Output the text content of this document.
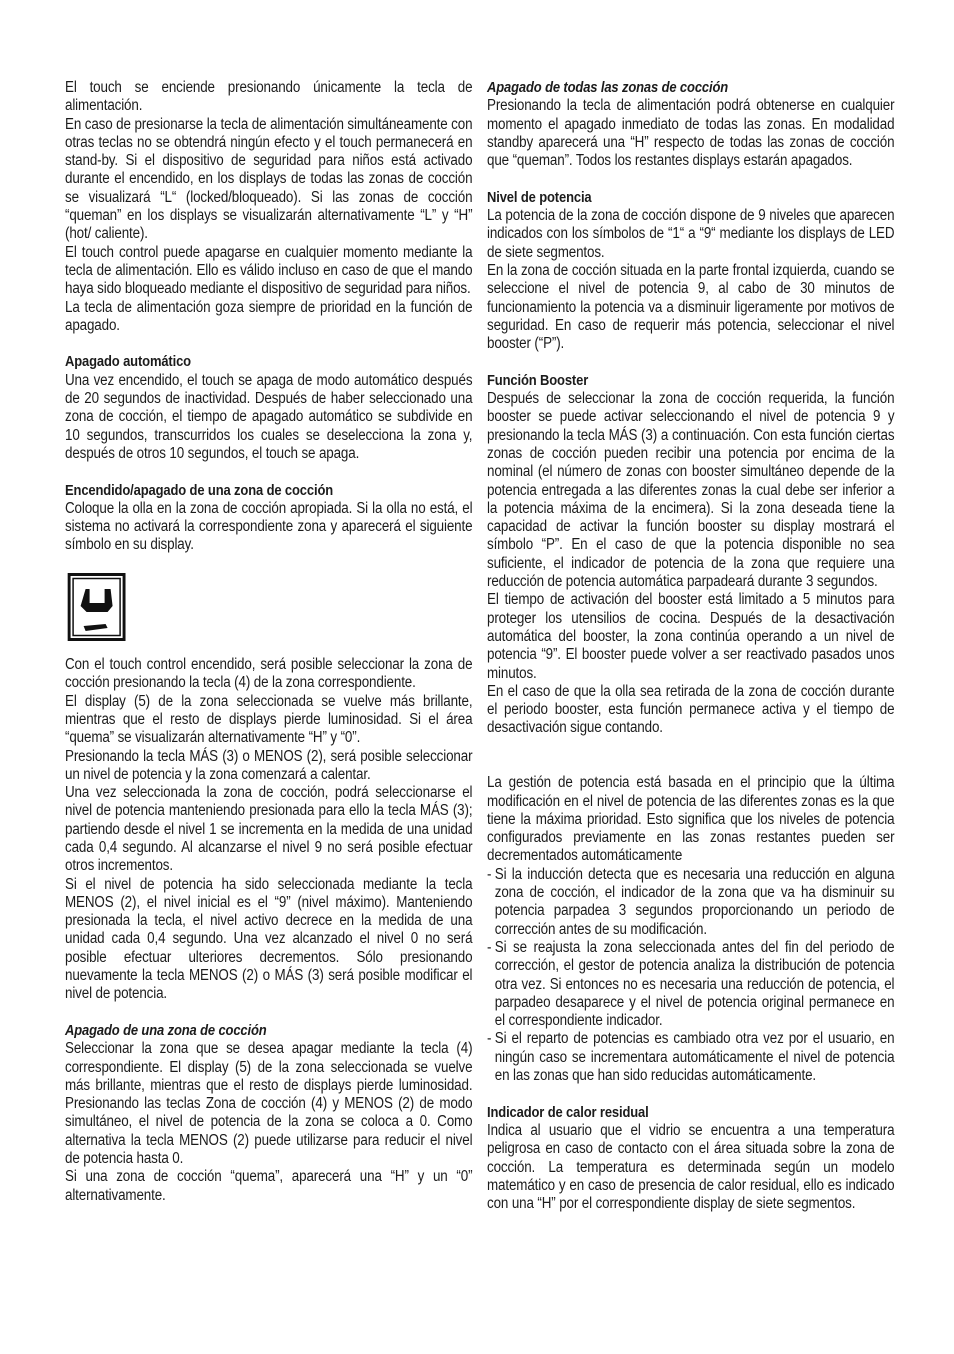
El touch se enciende presionando únicamente la tecla de alimentación.

En caso de presionarse la tecla de alimentación simultáneamente con otras teclas no se obtendrá ningún efecto y el touch permanecerá en stand-by. Si el dispositivo de seguridad para niños está activado durante el encendido, en los displays de todas las zonas de cocción se visualizará “L“ (locked/bloqueado). Si las zonas de cocción “queman” en los displays se visualizarán alternativamente “L” y “H” (hot/ caliente).

El touch control puede apagarse en cualquier momento mediante la tecla de alimentación. Ello es válido incluso en caso de que el mando haya sido bloqueado mediante el dispositivo de seguridad para niños.

La tecla de alimentación goza siempre de prioridad en la función de apagado.

Apagado automático

Una vez encendido, el touch se apaga de modo automático después de 20 segundos de inactividad. Después de haber seleccionado una zona de cocción, el tiempo de apagado automático se subdivide en 10 segundos, transcurridos los cuales se deselecciona la zona y, después de otros 10 segundos, el touch se apaga.

Encendido/apagado de una zona de cocción

Coloque la olla en la zona de cocción apropiada. Si la olla no está, el sistema no activará la correspondiente zona y aparecerá el siguiente símbolo en su display.

Con el touch control encendido, será posible seleccionar la zona de cocción presionando la tecla (4) de la zona correspondiente.

El display (5) de la zona seleccionada se vuelve más brillante, mientras que el resto de displays pierde luminosidad. Si el área “quema” se visualizarán alternativamente “H” y “0”.

Presionando la tecla MÁS (3) o MENOS (2), será posible seleccionar un nivel de potencia y la zona comenzará a calentar.

Una vez seleccionada la zona de cocción, podrá seleccionarse el nivel de potencia manteniendo presionada para ello la tecla MÁS (3); partiendo desde el nivel 1 se incrementa en la medida de una unidad cada 0,4 segundo. Al alcanzarse el nivel 9 no será posible efectuar otros incrementos.

Si el nivel de potencia ha sido seleccionada mediante la tecla MENOS (2), el nivel inicial es el “9” (nivel máximo). Manteniendo presionada la tecla, el nivel activo decrece en la medida de una unidad cada 0,4 segundo. Una vez alcanzado el nivel 0 no será posible efectuar ulteriores decrementos. Sólo presionando nuevamente la tecla MENOS (2) o MÁS (3) será posible modificar el nivel de potencia.

Apagado de una zona de cocción

Seleccionar la zona que se desea apagar mediante la tecla (4) correspondiente. El display (5) de la zona seleccionada se vuelve más brillante, mientras que el resto de displays pierde luminosidad. Presionando las teclas Zona de cocción (4) y MENOS (2) de modo simultáneo, el nivel de potencia de la zona se coloca a 0. Como alternativa la tecla MENOS (2) puede utilizarse para reducir el nivel de potencia hasta 0.

Si una zona de cocción “quema”, aparecerá una “H” y un “0” alternativamente.

Apagado de todas las zonas de cocción

Presionando la tecla de alimentación podrá obtenerse en cualquier momento el apagado inmediato de todas las zonas. En modalidad standby aparecerá una “H” respecto de todas las zonas de cocción que “queman”. Todos los restantes displays estarán apagados.

Nivel de potencia

La potencia de la zona de cocción dispone de 9 niveles que aparecen indicados con los símbolos de “1“ a “9“ mediante los displays de LED de siete segmentos.

En la zona de cocción situada en la parte frontal izquierda, cuando se seleccione el nivel de potencia 9, al cabo de 30 minutos de funcionamiento la potencia va a disminuir ligeramente por motivos de seguridad. En caso de requerir más potencia, seleccionar el nivel booster (“P”).

Función Booster

Después de seleccionar la zona de cocción requerida, la función booster se puede activar seleccionando el nivel de potencia 9 y presionando la tecla MÁS (3) a continuación. Con esta función ciertas zonas de cocción pueden recibir una potencia por encima de la nominal (el número de zonas con booster simultáneo depende de la potencia entregada a las diferentes zonas la cual debe ser inferior a la potencia máxima de la encimera). Si la zona deseada tiene la capacidad de activar la función booster su display mostrará el símbolo “P”. En el caso de que la potencia disponible no sea suficiente, el indicador de potencia de la zona que requiere una reducción de potencia automática parpadeará durante 3 segundos.

El tiempo de activación del booster está limitado a 5 minutos para proteger los utensilios de cocina. Después de la desactivación automática del booster, la zona continúa operando a un nivel de potencia “9”. El booster puede volver a ser reactivado pasados unos minutos.

En el caso de que la olla sea retirada de la zona de cocción durante el periodo booster, esta función permanece activa y el tiempo de desactivación sigue contando.

La gestión de potencia está basada en el principio que la última modificación en el nivel de potencia de las diferentes zonas es la que tiene la máxima prioridad. Esto significa que los niveles de potencia configurados previamente en las zonas restantes pueden ser decrementados automáticamente

- Si la inducción detecta que es necesaria una reducción en alguna zona de cocción, el indicador de la zona que va ha disminuir su potencia parpadea 3 segundos proporcionando un periodo de corrección antes de su modificación.
- Si se reajusta la zona seleccionada antes del fin del periodo de corrección, el gestor de potencia analiza la distribución de potencia otra vez. Si entonces no es necesaria una reducción de potencia, el parpadeo desaparece y el nivel de potencia original permanece en el correspondiente indicador.
- Si el reparto de potencias es cambiado otra vez por el usuario, en ningún caso se incrementara automáticamente el nivel de potencia en las zonas que han sido reducidas automáticamente.
Indicador de calor residual

Indica al usuario que el vidrio se encuentra a una temperatura peligrosa en caso de contacto con el área situada sobre la zona de cocción. La temperatura es determinada según un modelo matemático y en caso de presencia de calor residual, ello es indicado con una “H” por el correspondiente display de siete segmentos.
